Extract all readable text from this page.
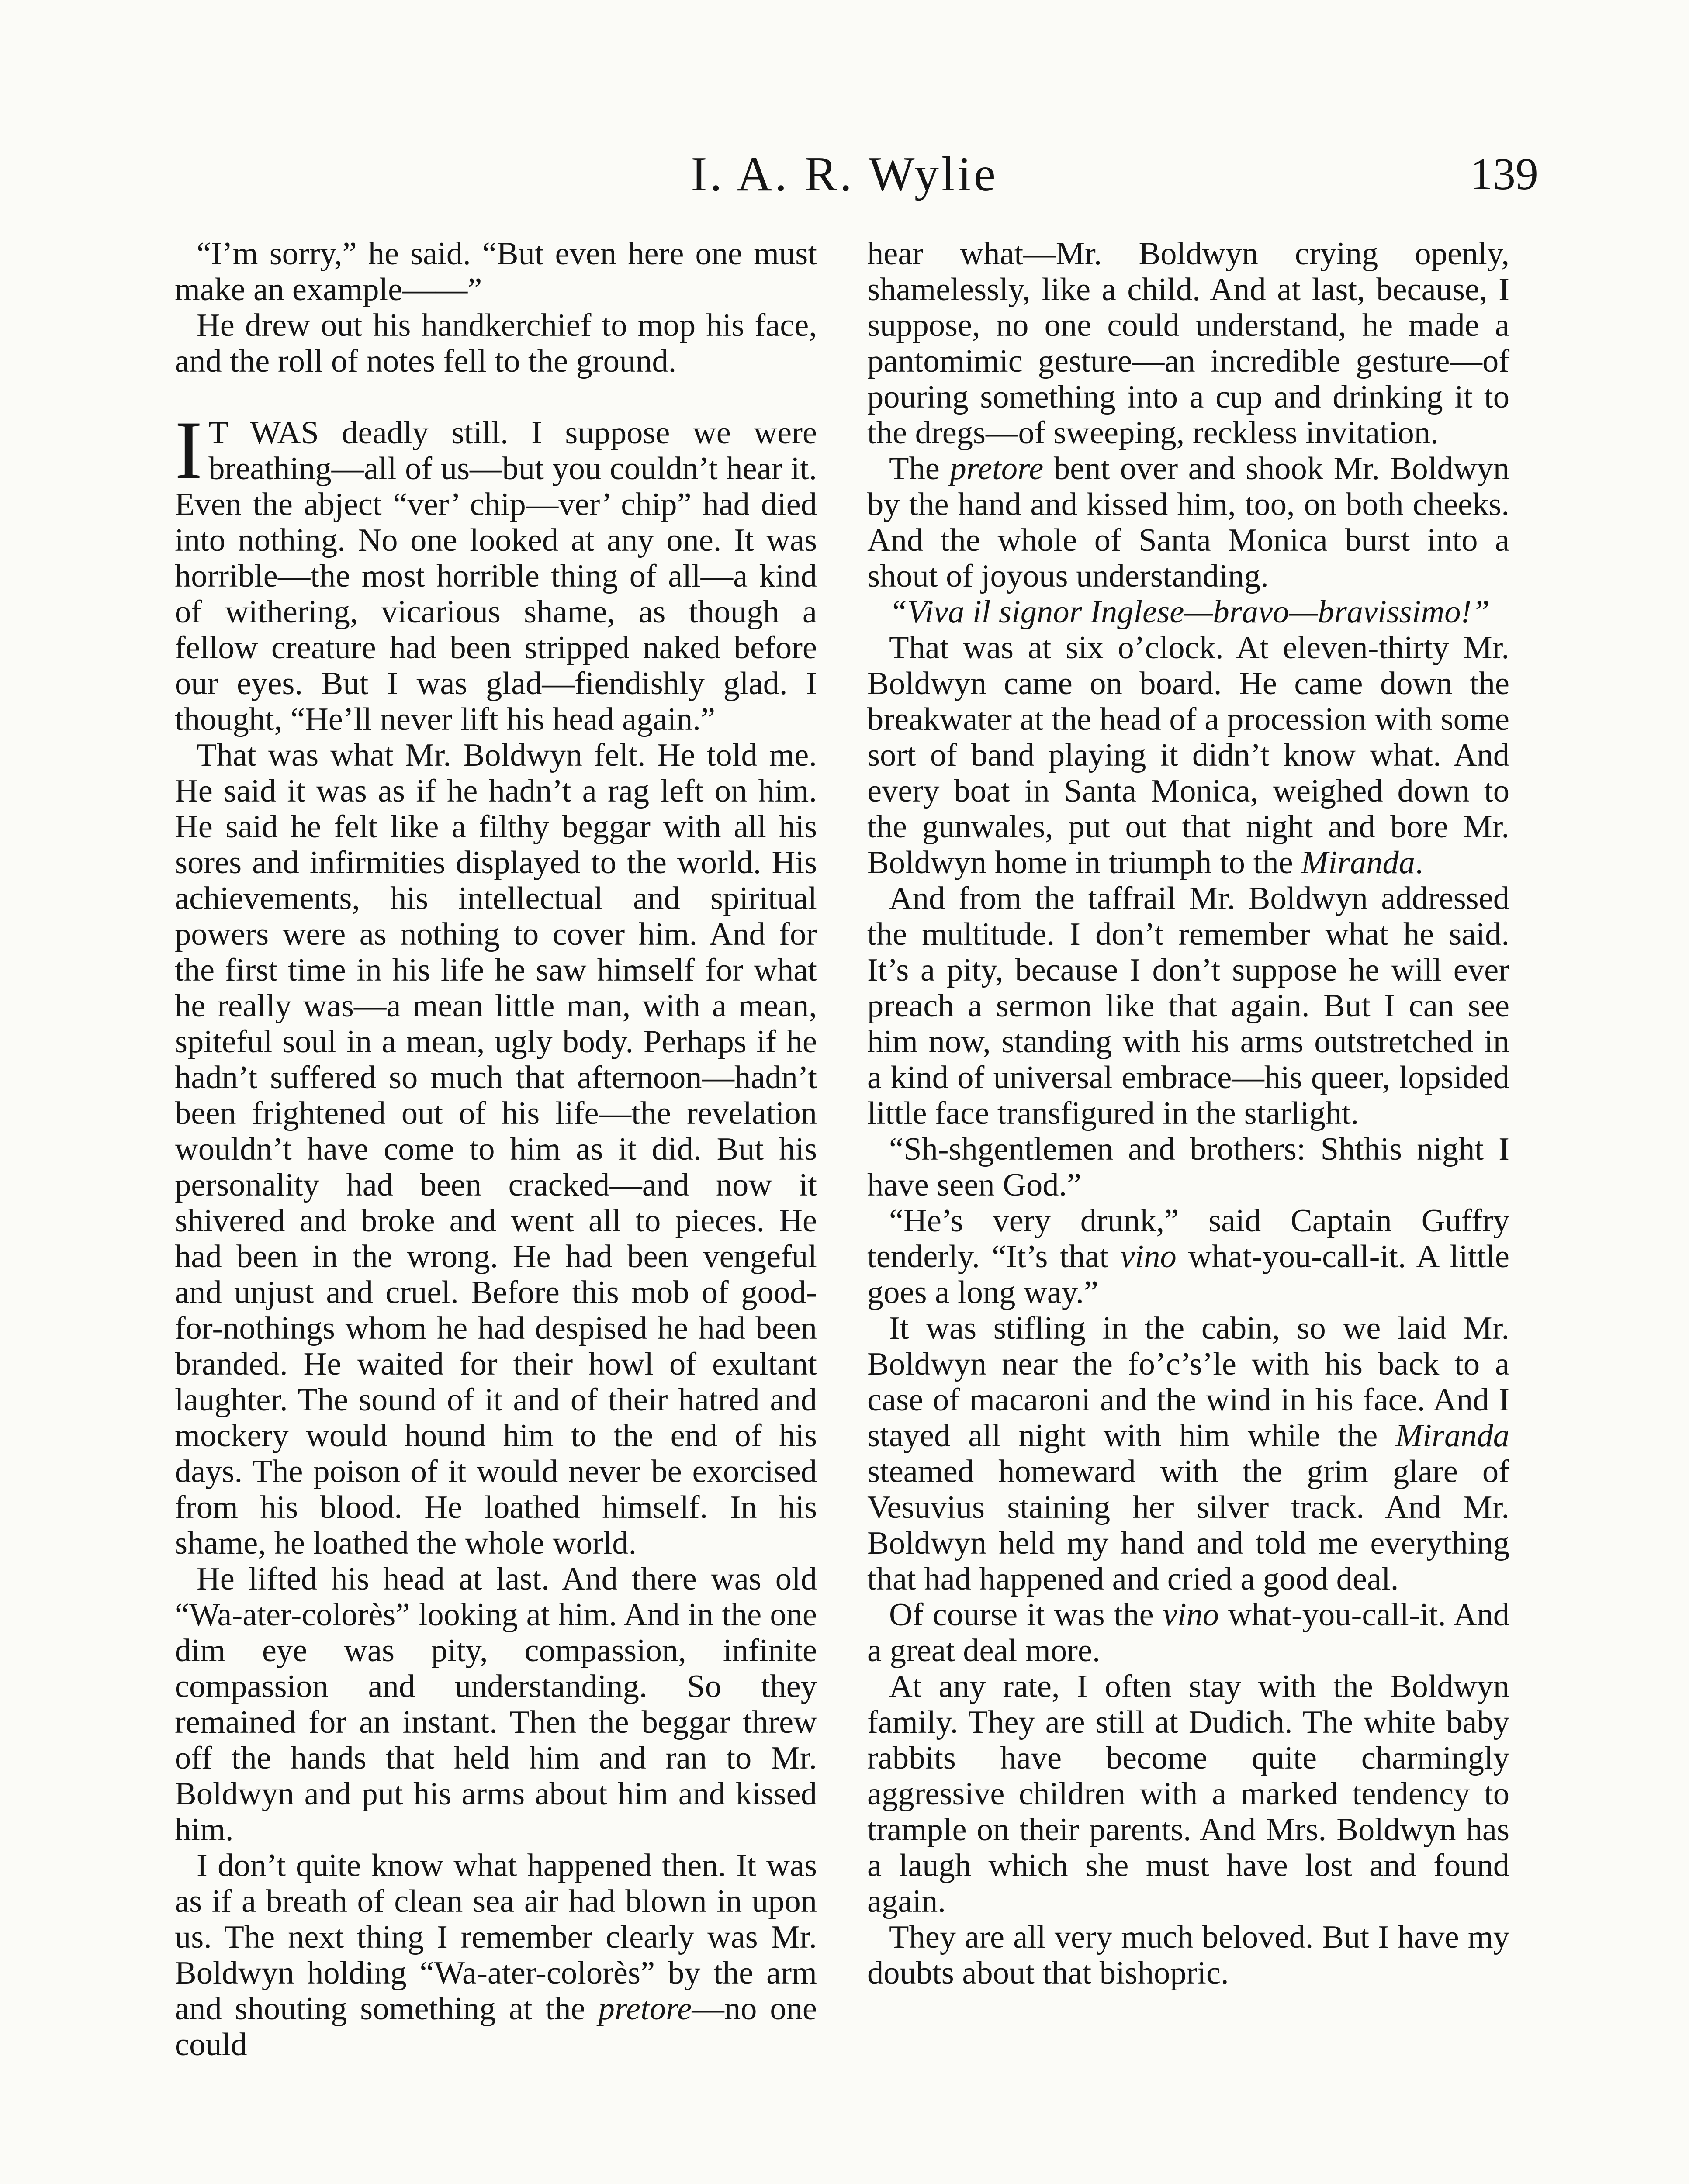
I. A. R. Wylie	139

“I’m sorry,” he said. “But even here one must make an example——”

He drew out his handkerchief to mop his face, and the roll of notes fell to the ground.

I T WAS deadly still. I suppose we were breathing—all of us—but you couldn’t hear it. Even the abject “ver’ chip—ver’ chip” had died into nothing. No one looked at any one. It was horrible—the most horrible thing of all—a kind of withering, vicarious shame, as though a fellow creature had been stripped naked before our eyes. But I was glad—fiendishly glad. I thought, “He’ll never lift his head again.”

That was what Mr. Boldwyn felt. He told me. He said it was as if he hadn’t a rag left on him. He said he felt like a filthy beggar with all his sores and infirmities displayed to the world. His achievements, his intellectual and spiritual powers were as nothing to cover him. And for the first time in his life he saw himself for what he really was—a mean little man, with a mean, spiteful soul in a mean, ugly body. Perhaps if he hadn’t suffered so much that afternoon—hadn’t been frightened out of his life—the revelation wouldn’t have come to him as it did. But his personality had been cracked—and now it shivered and broke and went all to pieces. He had been in the wrong. He had been vengeful and unjust and cruel. Before this mob of good-for-nothings whom he had despised he had been branded. He waited for their howl of exultant laughter. The sound of it and of their hatred and mockery would hound him to the end of his days. The poison of it would never be exorcised from his blood. He loathed himself. In his shame, he loathed the whole world.

He lifted his head at last. And there was old “Wa-ater-colorès” looking at him. And in the one dim eye was pity, compassion, infinite compassion and understanding. So they remained for an instant. Then the beggar threw off the hands that held him and ran to Mr. Boldwyn and put his arms about him and kissed him.

I don’t quite know what happened then. It was as if a breath of clean sea air had blown in upon us. The next thing I remember clearly was Mr. Boldwyn holding “Wa-ater-colorès” by the arm and shouting something at the pretore—no one could

hear what—Mr. Boldwyn crying openly, shamelessly, like a child. And at last, because, I suppose, no one could understand, he made a pantomimic gesture—an incredible gesture—of pouring something into a cup and drinking it to the dregs—of sweeping, reckless invitation.

The pretore bent over and shook Mr. Boldwyn by the hand and kissed him, too, on both cheeks. And the whole of Santa Monica burst into a shout of joyous understanding.

“Viva il signor Inglese—bravo—bravissimo!”

That was at six o’clock. At eleven-thirty Mr. Boldwyn came on board. He came down the breakwater at the head of a procession with some sort of band playing it didn’t know what. And every boat in Santa Monica, weighed down to the gunwales, put out that night and bore Mr. Boldwyn home in triumph to the Miranda.

And from the taffrail Mr. Boldwyn addressed the multitude. I don’t remember what he said. It’s a pity, because I don’t suppose he will ever preach a sermon like that again. But I can see him now, standing with his arms outstretched in a kind of universal embrace—his queer, lopsided little face transfigured in the starlight.

“Sh-shgentlemen and brothers: Shthis night I have seen God.”

“He’s very drunk,” said Captain Guffry tenderly. “It’s that vino what-you-call-it. A little goes a long way.”

It was stifling in the cabin, so we laid Mr. Boldwyn near the fo’c’s’le with his back to a case of macaroni and the wind in his face. And I stayed all night with him while the Miranda steamed homeward with the grim glare of Vesuvius staining her silver track. And Mr. Boldwyn held my hand and told me everything that had happened and cried a good deal.

Of course it was the vino what-you-call-it. And a great deal more.

At any rate, I often stay with the Boldwyn family. They are still at Dudich. The white baby rabbits have become quite charmingly aggressive children with a marked tendency to trample on their parents. And Mrs. Boldwyn has a laugh which she must have lost and found again.

They are all very much beloved. But I have my doubts about that bishopric.
